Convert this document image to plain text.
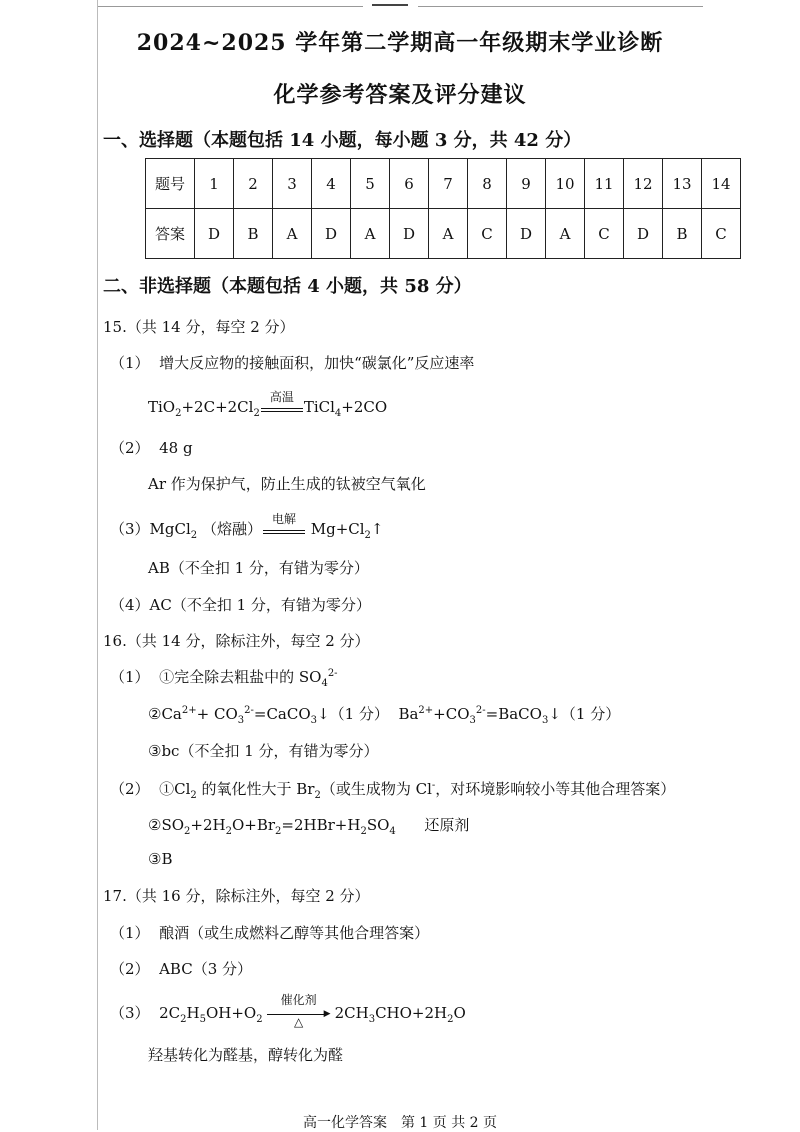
2024~2025 学年第二学期高一年级期末学业诊断
化学参考答案及评分建议
一、选择题（本题包括 14 小题，每小题 3 分，共 42 分）
题号	1	2	3	4	5	6	7	8	9	10	11	12	13	14
答案	D	B	A	D	A	D	A	C	D	A	C	D	B	C
二、非选择题（本题包括 4 小题，共 58 分）
15.（共 14 分，每空 2 分）
（1） 增大反应物的接触面积，加快“碳氯化”反应速率
$TiO_2+2C+2Cl_2$
高温
TiCl$_4$+2CO
（2） 48 g
Ar 作为保护气，防止生成的钛被空气氧化
（3）MgCl$_2$ （熔融）
电解
$Mg+Cl_2↑$
AB（不全扣 1 分，有错为零分）
（4）AC（不全扣 1 分，有错为零分）
16.（共 14 分，除标注外，每空 2 分）
（1） ①完全除去粗盐中的 $SO_4^{2-}$
$②Ca^{2+}+$ $CO_3^{2-}=CaCO_3↓(1$ 分）  $Ba^{2+}+CO_3^{2-}=BaCO_3↓(1$ 分）
③bc（不全扣 1 分，有错为零分）
（2） $①Cl_2$ 的氧化性大于 $Br_2$（或生成物为 Cl-，对环境影响较小等其他合理答案）
$②SO_2+2H_2O+Br_2=2HBr+H_2SO_4$ 还原剂
③B
17.（共 16 分，除标注外，每空 2 分）
（1） 酿酒（或生成燃料乙醇等其他合理答案）
（2） ABC（3 分）
（3）  $2C_2H_5OH+O_2$
催化剂
▶
△	$2CH_3CHO+2H_2O$
羟基转化为醛基，醇转化为醛
高一化学答案　第 1 页 共 2 页
